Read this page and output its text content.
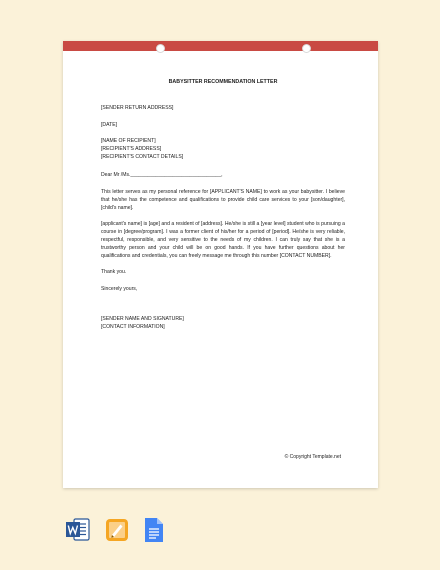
BABYSITTER RECOMMENDATION LETTER

[SENDER RETURN ADDRESS]

[DATE]

[NAME OF RECIPIENT]
[RECIPIENT'S ADDRESS]
[RECIPIENT'S CONTACT DETAILS]

Dear Mr /Ms.________________________________,

This letter serves as my personal reference for [APPLICANT'S NAME] to work as your babysitter. I believe that he/she has the competence and qualifications to provide child care services to your [son/daughter], [child's name].

[applicant's name] is [age] and a resident of [address]. He/she is still a [year level] student who is pursuing a course in [degree/program]. I was a former client of his/her for a period of [period]. He/she is very reliable, respectful, responsible, and very sensitive to the needs of my children. I can truly say that she is a trustworthy person and your child will be on good hands. If you have further questions about her qualifications and credentials, you can freely message me through this number [CONTACT NUMBER].

Thank you.

Sincerely yours,

[SENDER NAME AND SIGNATURE]
[CONTACT INFORMATION]
© Copyright Template.net
